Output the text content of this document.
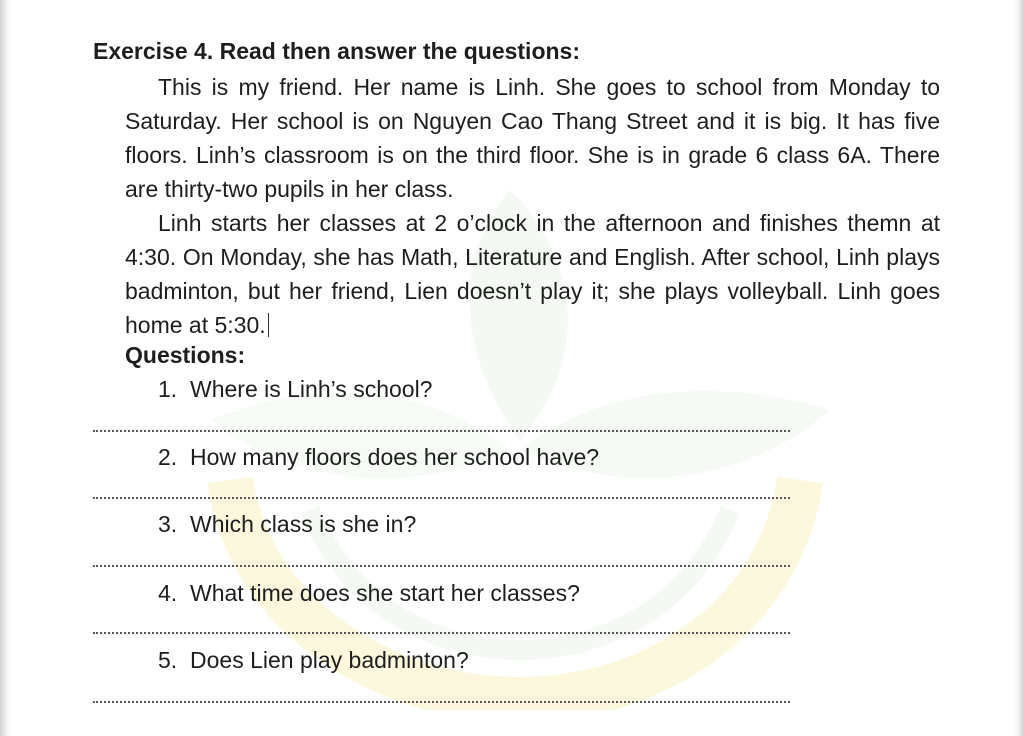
Exercise 4. Read then answer the questions:

This is my friend. Her name is Linh. She goes to school from Monday to Saturday. Her school is on Nguyen Cao Thang Street and it is big. It has five floors. Linh’s classroom is on the third floor. She is in grade 6 class 6A. There are thirty-two pupils in her class.

Linh starts her classes at 2 o’clock in the afternoon and finishes themn at 4:30. On Monday, she has Math, Literature and English. After school, Linh plays badminton, but her friend, Lien doesn’t play it; she plays volleyball. Linh goes home at 5:30.

Questions:
1. Where is Linh’s school?
2. How many floors does her school have?
3. Which class is she in?
4. What time does she start her classes?
5. Does Lien play badminton?
